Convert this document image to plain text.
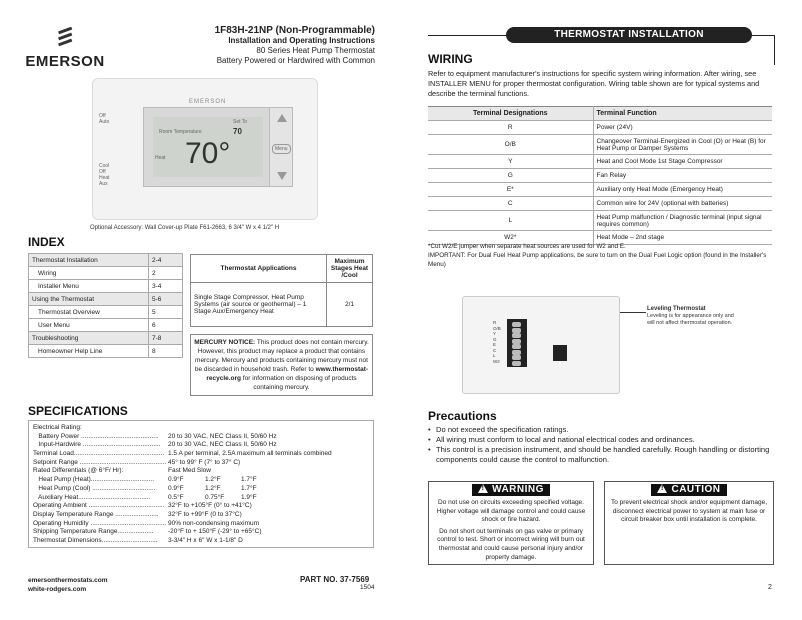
EMERSON
1F83H-21NP (Non-Programmable)
Installation and Operating Instructions
80 Series Heat Pump Thermostat
Battery Powered or Hardwired with Common
EMERSON
Off
Auto
Cool
Off
Heat
Aux
Room Temperature
Set To
70
70°
Heat
Menu
Optional Accessory: Wall Cover-up Plate F61-2663, 6 3/4" W x 4 1/2" H
INDEX
Thermostat Installation	2-4
Wiring	2
Installer Menu	3-4
Using the Thermostat	5-6
Thermostat Overview	5
User Menu	6
Troubleshooting	7-8
Homeowner Help Line	8
Thermostat Applications	Maximum Stages Heat /Cool
Single Stage Compressor, Heat Pump Systems (air source or geothermal) – 1 Stage Aux/Emergency Heat	2/1
MERCURY NOTICE: This product does not contain mercury. However, this product may replace a product that contains mercury. Mercury and products containing mercury must not be discarded in household trash. Refer to www.thermostat-recycle.org for information on disposing of products containing mercury.
SPECIFICATIONS
Electrical Rating:
Battery Power ........................................... 20 to 30 VAC, NEC Class II, 50/60 Hz
Input-Hardwire ........................................... 20 to 30 VAC, NEC Class II, 50/60 Hz
Terminal Load.................................................. 1.5 A per terminal, 2.5A maximum all terminals combined
Setpoint Range ................................................ 45° to 99° F (7° to 37° C)
Rated Differentials (@ 6°F/ Hr):	Fast Med Slow
Heat Pump (Heat)................................... 0.9°F	1.2°F	1.7°F
Heat Pump (Cool) ................................... 0.9°F	1.2°F	1.7°F
Auxiliary Heat........................................	0.5°F	0.75°F	1.9°F
Operating Ambient .......................................... 32°F to +105°F (0° to +41°C)
Display Temperature Range ........................ 32°F to +99°F (0 to 37°C)
Operating Humidity .......................................... 90% non-condensing maximum
Shipping Temperature Range.................... -20°F to + 150°F (-29° to +65°C)
Thermostat Dimensions............................... 3-3/4" H x 6" W x 1-1/8" D
emersonthermostats.com
white-rodgers.com
PART NO. 37-7569
1504
THERMOSTAT INSTALLATION
WIRING
Refer to equipment manufacturer's instructions for specific system wiring information. After wiring, see INSTALLER MENU for proper thermostat configuration. Wiring table shown are for typical systems and describe the terminal functions.
Terminal Designations	Terminal Function
R	Power (24V)
O/B	Changeover Terminal-Energized in Cool (O) or Heat (B) for Heat Pump or Damper Systems
Y	Heat and Cool Mode 1st Stage Compressor
G	Fan Relay
E*	Auxiliary only Heat Mode (Emergency Heat)
C	Common wire for 24V (optional with batteries)
L	Heat Pump malfunction / Diagnostic terminal (input signal requires common)
W2*	Heat Mode – 2nd stage
*Cut W2/E jumper when separate heat sources are used for W2 and E.
IMPORTANT: For Dual Fuel Heat Pump applications, be sure to turn on the Dual Fuel Logic option (found in the Installer's Menu)
R
O/B
Y
G
E
C
L
W2
Leveling Thermostat
Leveling is for appearance only and will not affect thermostat operation.
Precautions
• Do not exceed the specification ratings.
• All wiring must conform to local and national electrical codes and ordinances.
• This control is a precision instrument, and should be handled carefully. Rough handling or distorting components could cause the control to malfunction.
! WARNING
Do not use on circuits exceeding specified voltage. Higher voltage will damage control and could cause shock or fire hazard.
Do not short out terminals on gas valve or primary control to test. Short or incorrect wiring will burn out thermostat and could cause personal injury and/or property damage.
! CAUTION
To prevent electrical shock and/or equipment damage, disconnect electrical power to system at main fuse or circuit breaker box until installation is complete.
2
